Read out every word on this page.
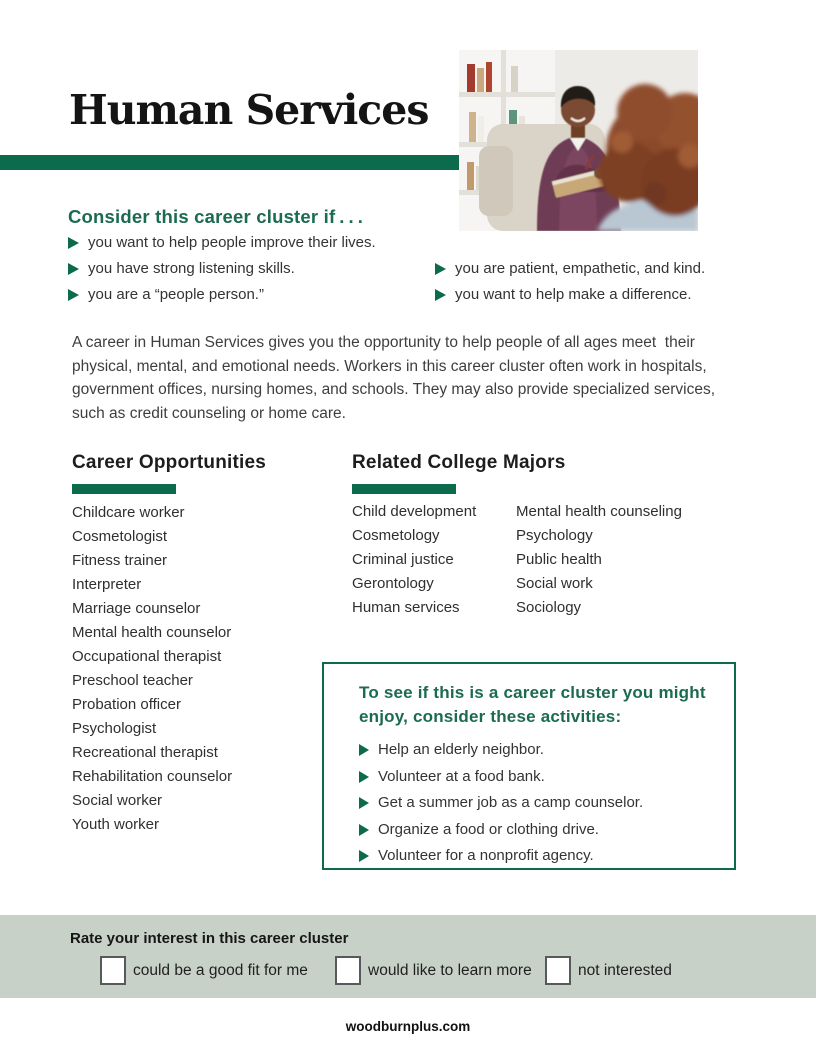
Human Services
Consider this career cluster if . . .
you want to help people improve their lives.
you have strong listening skills.
you are a “people person.”
you are patient, empathetic, and kind.
you want to help make a difference.

A career in Human Services gives you the opportunity to help people of all ages meet  their physical, mental, and emotional needs. Workers in this career cluster often work in hospitals, government offices, nursing homes, and schools. They may also provide specialized services, such as credit counseling or home care.

Career Opportunities
Childcare worker
Cosmetologist
Fitness trainer
Interpreter
Marriage counselor
Mental health counselor
Occupational therapist
Preschool teacher
Probation officer
Psychologist
Recreational therapist
Rehabilitation counselor
Social worker
Youth worker
Related College Majors
Child development
Cosmetology
Criminal justice
Gerontology
Human services
Mental health counseling
Psychology
Public health
Social work
Sociology
To see if this is a career cluster you might enjoy, consider these activities:
Help an elderly neighbor.
Volunteer at a food bank.
Get a summer job as a camp counselor.
Organize a food or clothing drive.
Volunteer for a nonprofit agency.
Rate your interest in this career cluster
could be a good fit for me	would like to learn more	not interested
woodburnplus.com
